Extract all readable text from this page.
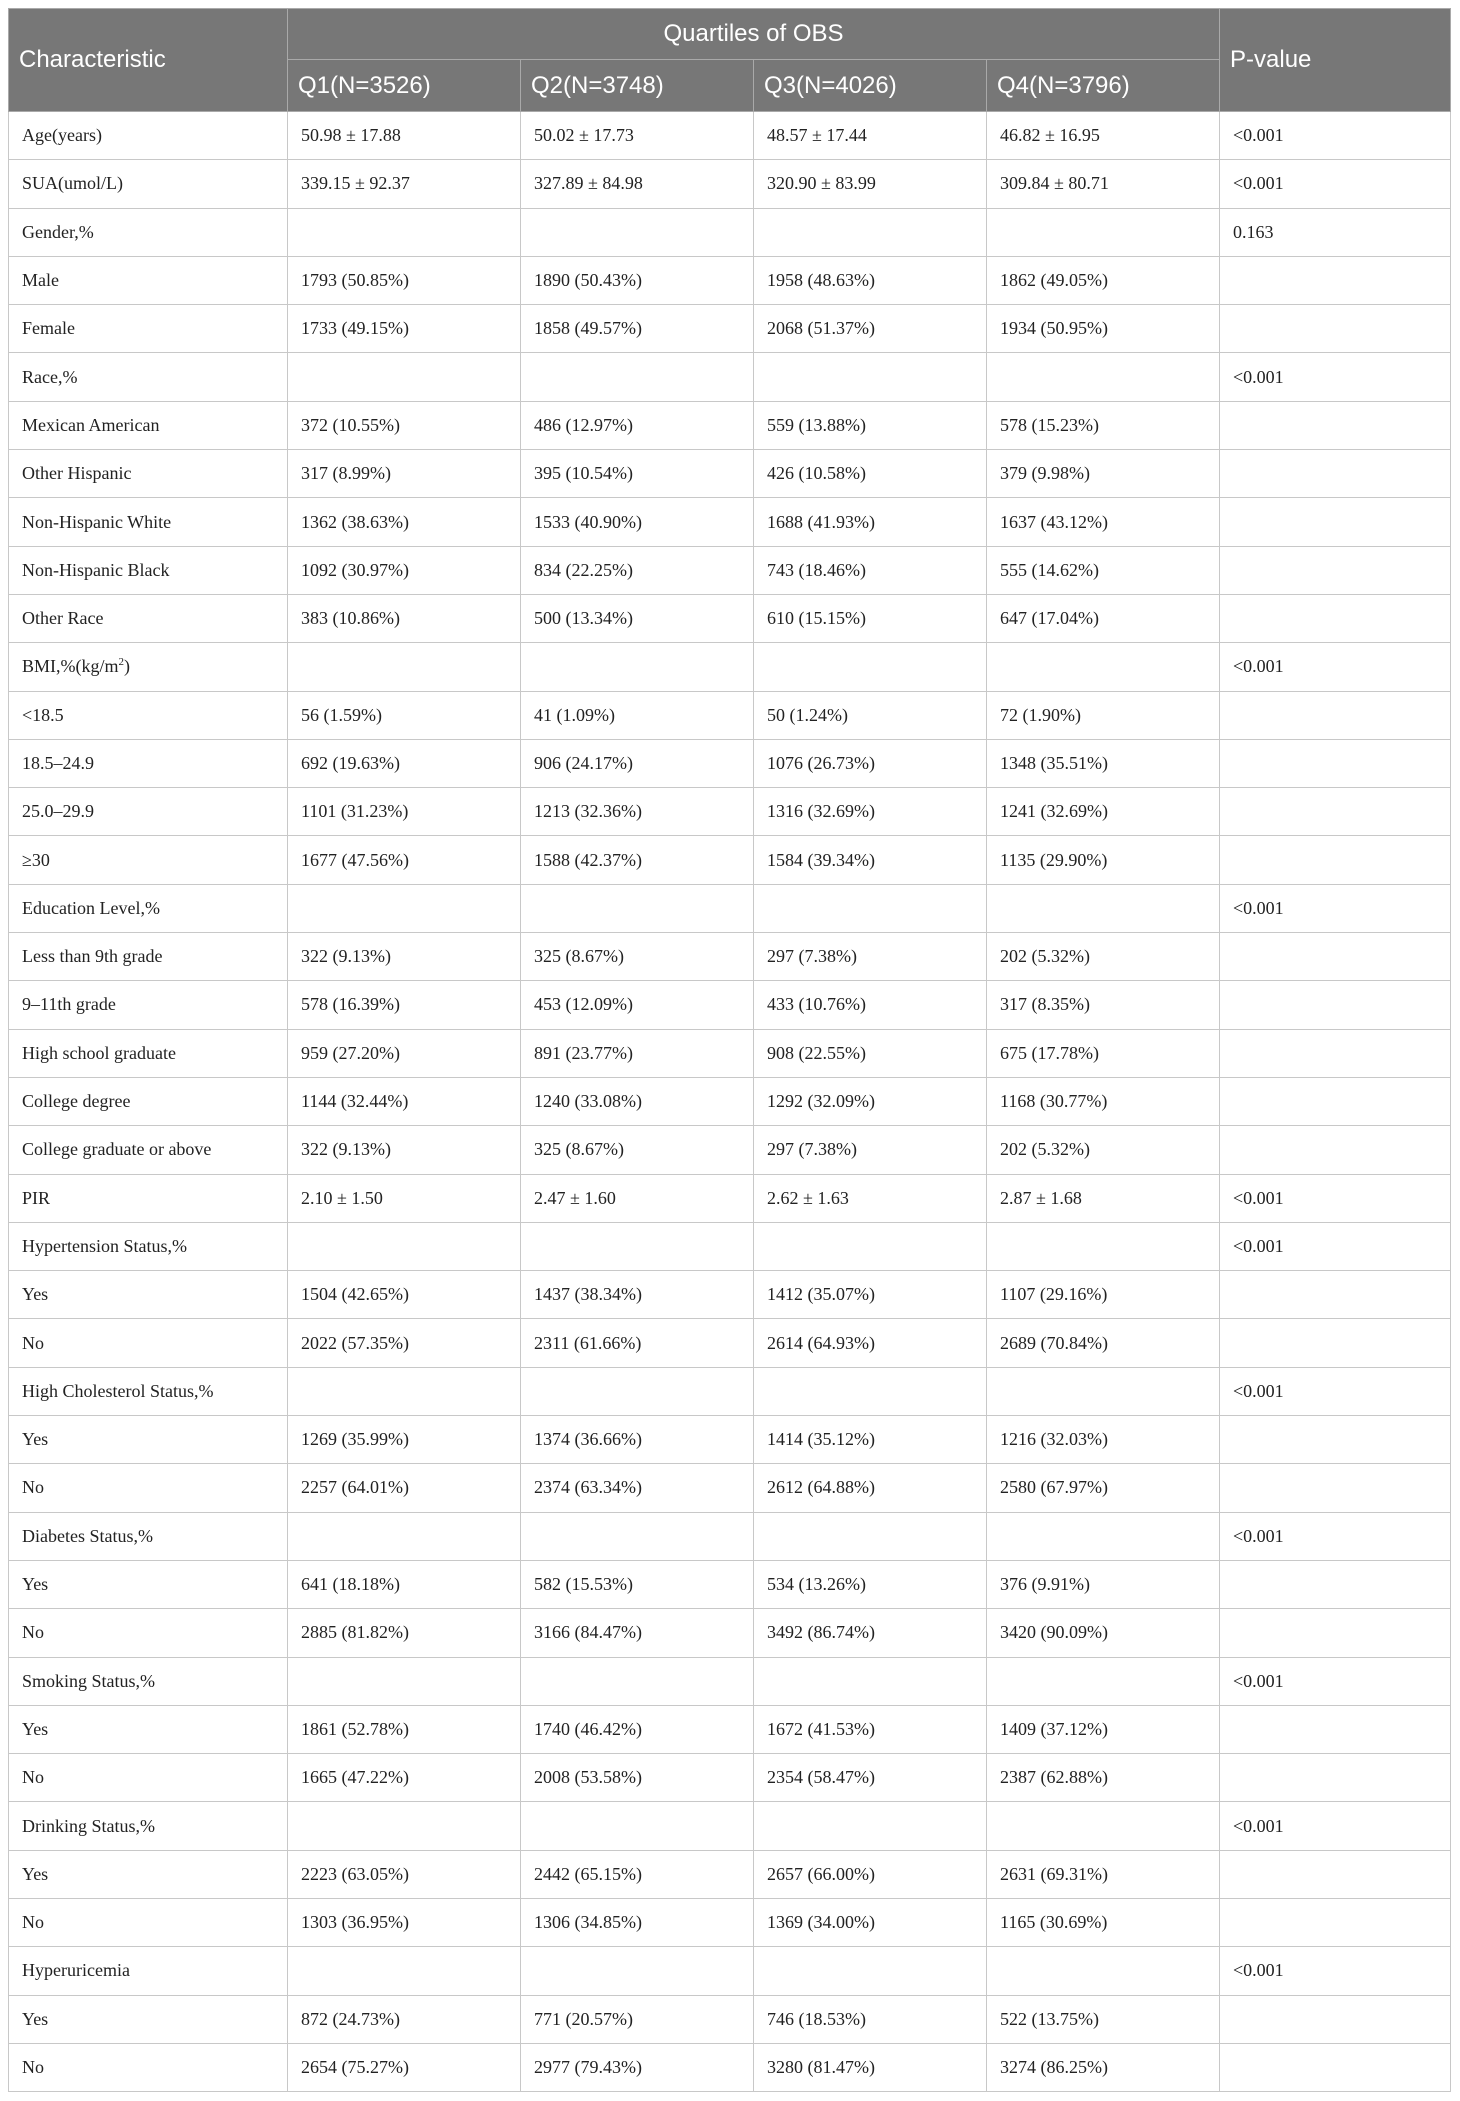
Characteristic	Quartiles of OBS				P-value
	Q1(N=3526)	Q2(N=3748)	Q3(N=4026)	Q4(N=3796)	
Age(years)	50.98 ± 17.88	50.02 ± 17.73	48.57 ± 17.44	46.82 ± 16.95	<0.001
SUA(umol/L)	339.15 ± 92.37	327.89 ± 84.98	320.90 ± 83.99	309.84 ± 80.71	<0.001
Gender,%					0.163
Male	1793 (50.85%)	1890 (50.43%)	1958 (48.63%)	1862 (49.05%)	
Female	1733 (49.15%)	1858 (49.57%)	2068 (51.37%)	1934 (50.95%)	
Race,%					<0.001
Mexican American	372 (10.55%)	486 (12.97%)	559 (13.88%)	578 (15.23%)	
Other Hispanic	317 (8.99%)	395 (10.54%)	426 (10.58%)	379 (9.98%)	
Non-Hispanic White	1362 (38.63%)	1533 (40.90%)	1688 (41.93%)	1637 (43.12%)	
Non-Hispanic Black	1092 (30.97%)	834 (22.25%)	743 (18.46%)	555 (14.62%)	
Other Race	383 (10.86%)	500 (13.34%)	610 (15.15%)	647 (17.04%)	
$BMI,\%(kg/m^2)$					<0.001
<18.5	56 (1.59%)	41 (1.09%)	50 (1.24%)	72 (1.90%)	
18.5–24.9	692 (19.63%)	906 (24.17%)	1076 (26.73%)	1348 (35.51%)	
25.0–29.9	1101 (31.23%)	1213 (32.36%)	1316 (32.69%)	1241 (32.69%)	
≥30	1677 (47.56%)	1588 (42.37%)	1584 (39.34%)	1135 (29.90%)	
Education Level,%					<0.001
Less than 9th grade	322 (9.13%)	325 (8.67%)	297 (7.38%)	202 (5.32%)	
9–11th grade	578 (16.39%)	453 (12.09%)	433 (10.76%)	317 (8.35%)	
High school graduate	959 (27.20%)	891 (23.77%)	908 (22.55%)	675 (17.78%)	
College degree	1144 (32.44%)	1240 (33.08%)	1292 (32.09%)	1168 (30.77%)	
College graduate or above	322 (9.13%)	325 (8.67%)	297 (7.38%)	202 (5.32%)	
PIR	2.10 ± 1.50	2.47 ± 1.60	2.62 ± 1.63	2.87 ± 1.68	<0.001
Hypertension Status,%					<0.001
Yes	1504 (42.65%)	1437 (38.34%)	1412 (35.07%)	1107 (29.16%)	
No	2022 (57.35%)	2311 (61.66%)	2614 (64.93%)	2689 (70.84%)	
High Cholesterol Status,%					<0.001
Yes	1269 (35.99%)	1374 (36.66%)	1414 (35.12%)	1216 (32.03%)	
No	2257 (64.01%)	2374 (63.34%)	2612 (64.88%)	2580 (67.97%)	
Diabetes Status,%					<0.001
Yes	641 (18.18%)	582 (15.53%)	534 (13.26%)	376 (9.91%)	
No	2885 (81.82%)	3166 (84.47%)	3492 (86.74%)	3420 (90.09%)	
Smoking Status,%					<0.001
Yes	1861 (52.78%)	1740 (46.42%)	1672 (41.53%)	1409 (37.12%)	
No	1665 (47.22%)	2008 (53.58%)	2354 (58.47%)	2387 (62.88%)	
Drinking Status,%					<0.001
Yes	2223 (63.05%)	2442 (65.15%)	2657 (66.00%)	2631 (69.31%)	
No	1303 (36.95%)	1306 (34.85%)	1369 (34.00%)	1165 (30.69%)	
Hyperuricemia					<0.001
Yes	872 (24.73%)	771 (20.57%)	746 (18.53%)	522 (13.75%)	
No	2654 (75.27%)	2977 (79.43%)	3280 (81.47%)	3274 (86.25%)	
